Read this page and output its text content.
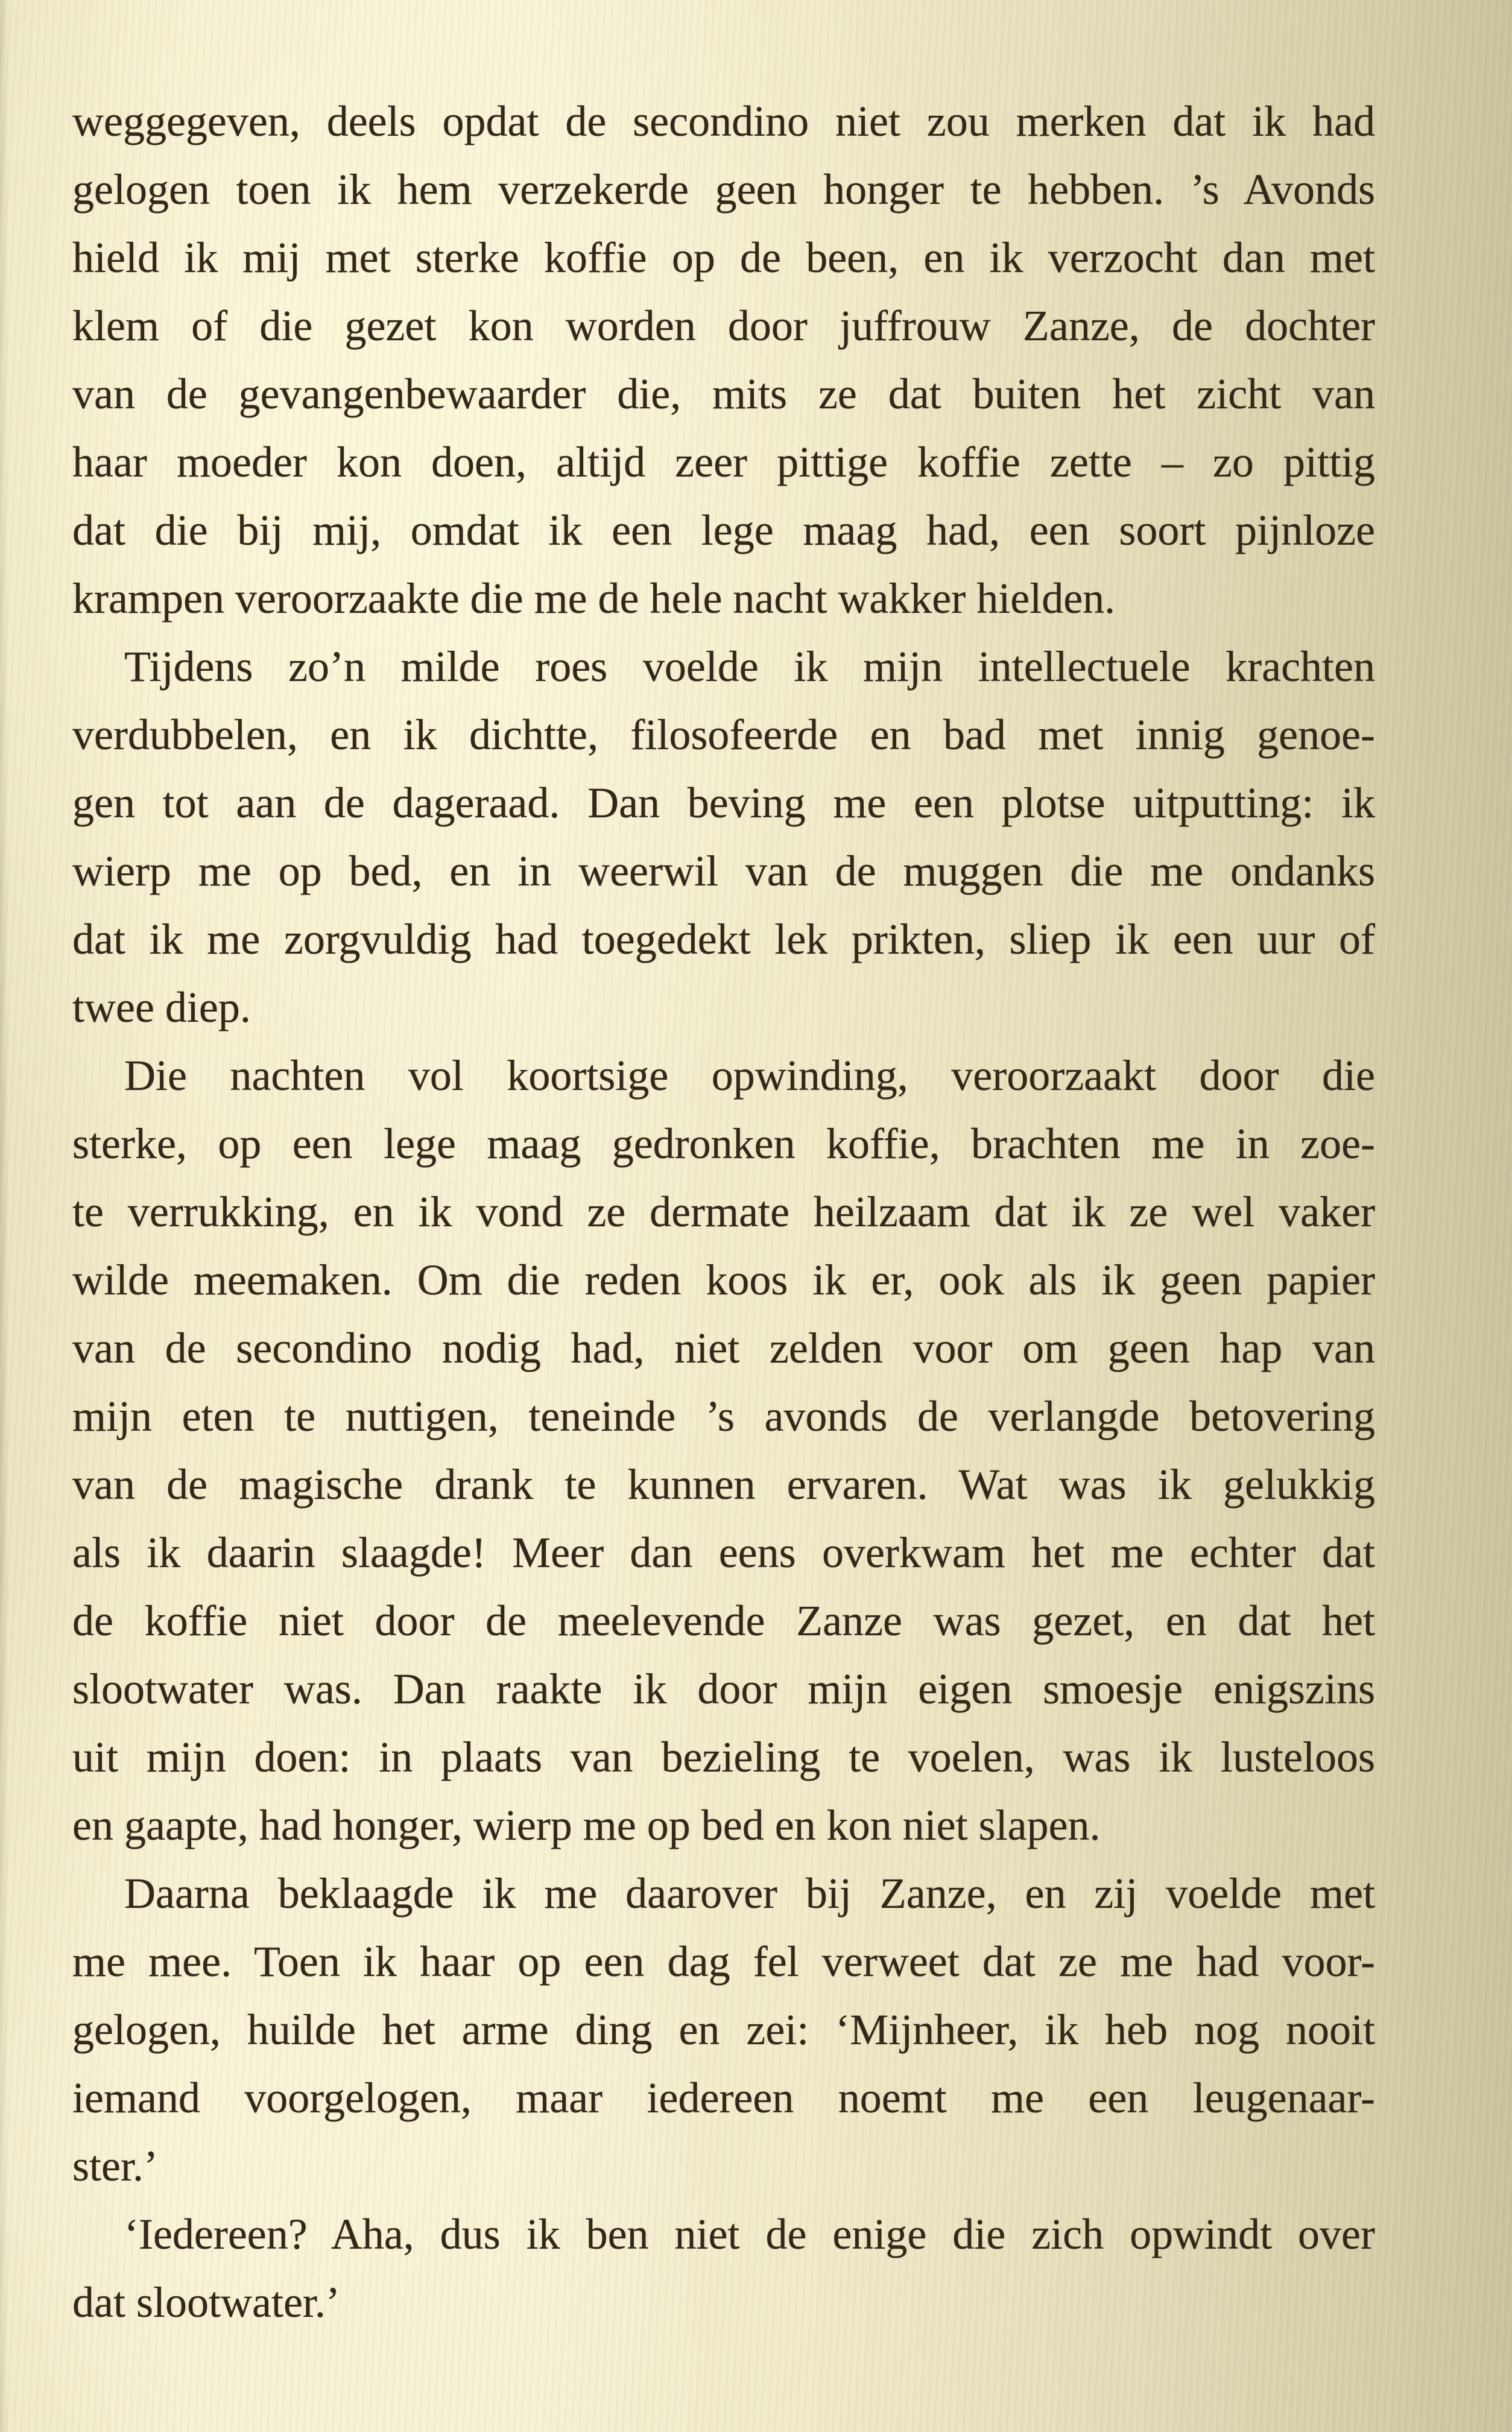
weggegeven, deels opdat de secondino niet zou merken dat ik had
gelogen toen ik hem verzekerde geen honger te hebben. ’s Avonds
hield ik mij met sterke koffie op de been, en ik verzocht dan met
klem of die gezet kon worden door juffrouw Zanze, de dochter
van de gevangenbewaarder die, mits ze dat buiten het zicht van
haar moeder kon doen, altijd zeer pittige koffie zette – zo pittig
dat die bij mij, omdat ik een lege maag had, een soort pijnloze
krampen veroorzaakte die me de hele nacht wakker hielden.
Tijdens zo’n milde roes voelde ik mijn intellectuele krachten
verdubbelen, en ik dichtte, filosofeerde en bad met innig genoe-
gen tot aan de dageraad. Dan beving me een plotse uitputting: ik
wierp me op bed, en in weerwil van de muggen die me ondanks
dat ik me zorgvuldig had toegedekt lek prikten, sliep ik een uur of
twee diep.
Die nachten vol koortsige opwinding, veroorzaakt door die
sterke, op een lege maag gedronken koffie, brachten me in zoe-
te verrukking, en ik vond ze dermate heilzaam dat ik ze wel vaker
wilde meemaken. Om die reden koos ik er, ook als ik geen papier
van de secondino nodig had, niet zelden voor om geen hap van
mijn eten te nuttigen, teneinde ’s avonds de verlangde betovering
van de magische drank te kunnen ervaren. Wat was ik gelukkig
als ik daarin slaagde! Meer dan eens overkwam het me echter dat
de koffie niet door de meelevende Zanze was gezet, en dat het
slootwater was. Dan raakte ik door mijn eigen smoesje enigszins
uit mijn doen: in plaats van bezieling te voelen, was ik lusteloos
en gaapte, had honger, wierp me op bed en kon niet slapen.
Daarna beklaagde ik me daarover bij Zanze, en zij voelde met
me mee. Toen ik haar op een dag fel verweet dat ze me had voor-
gelogen, huilde het arme ding en zei: ‘Mijnheer, ik heb nog nooit
iemand voorgelogen, maar iedereen noemt me een leugenaar-
ster.’
‘Iedereen? Aha, dus ik ben niet de enige die zich opwindt over
dat slootwater.’
